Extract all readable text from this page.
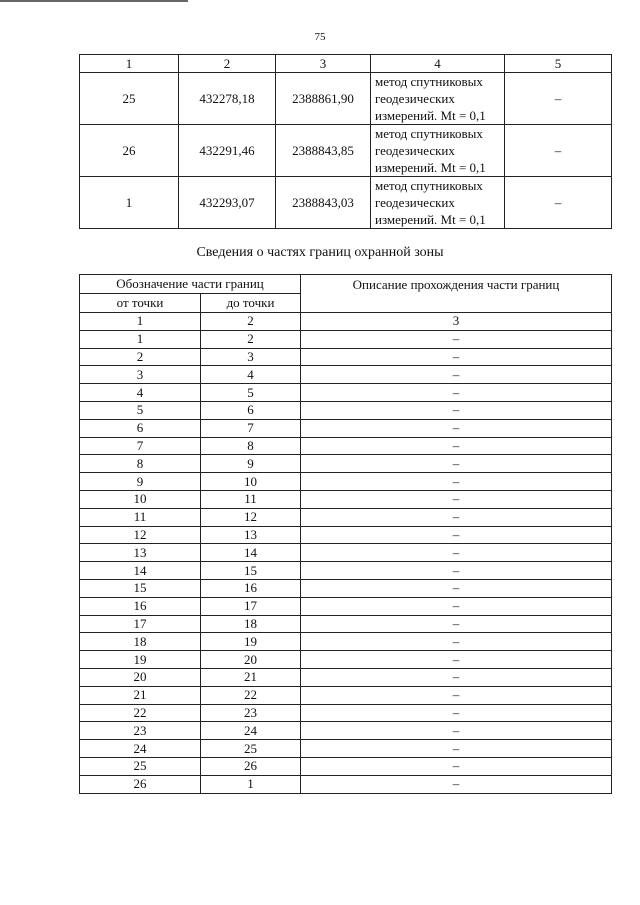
75
1	2	3	4	5
25	432278,18	2388861,90	метод спутниковых
геодезических
измерений. Mt = 0,1	–
26	432291,46	2388843,85	метод спутниковых
геодезических
измерений. Mt = 0,1	–
1	432293,07	2388843,03	метод спутниковых
геодезических
измерений. Mt = 0,1	–
Сведения о частях границ охранной зоны
Обозначение части границ		Описание прохождения части границ
от точки	до точки	
1	2	3
1	2	–
2	3	–
3	4	–
4	5	–
5	6	–
6	7	–
7	8	–
8	9	–
9	10	–
10	11	–
11	12	–
12	13	–
13	14	–
14	15	–
15	16	–
16	17	–
17	18	–
18	19	–
19	20	–
20	21	–
21	22	–
22	23	–
23	24	–
24	25	–
25	26	–
26	1	–
